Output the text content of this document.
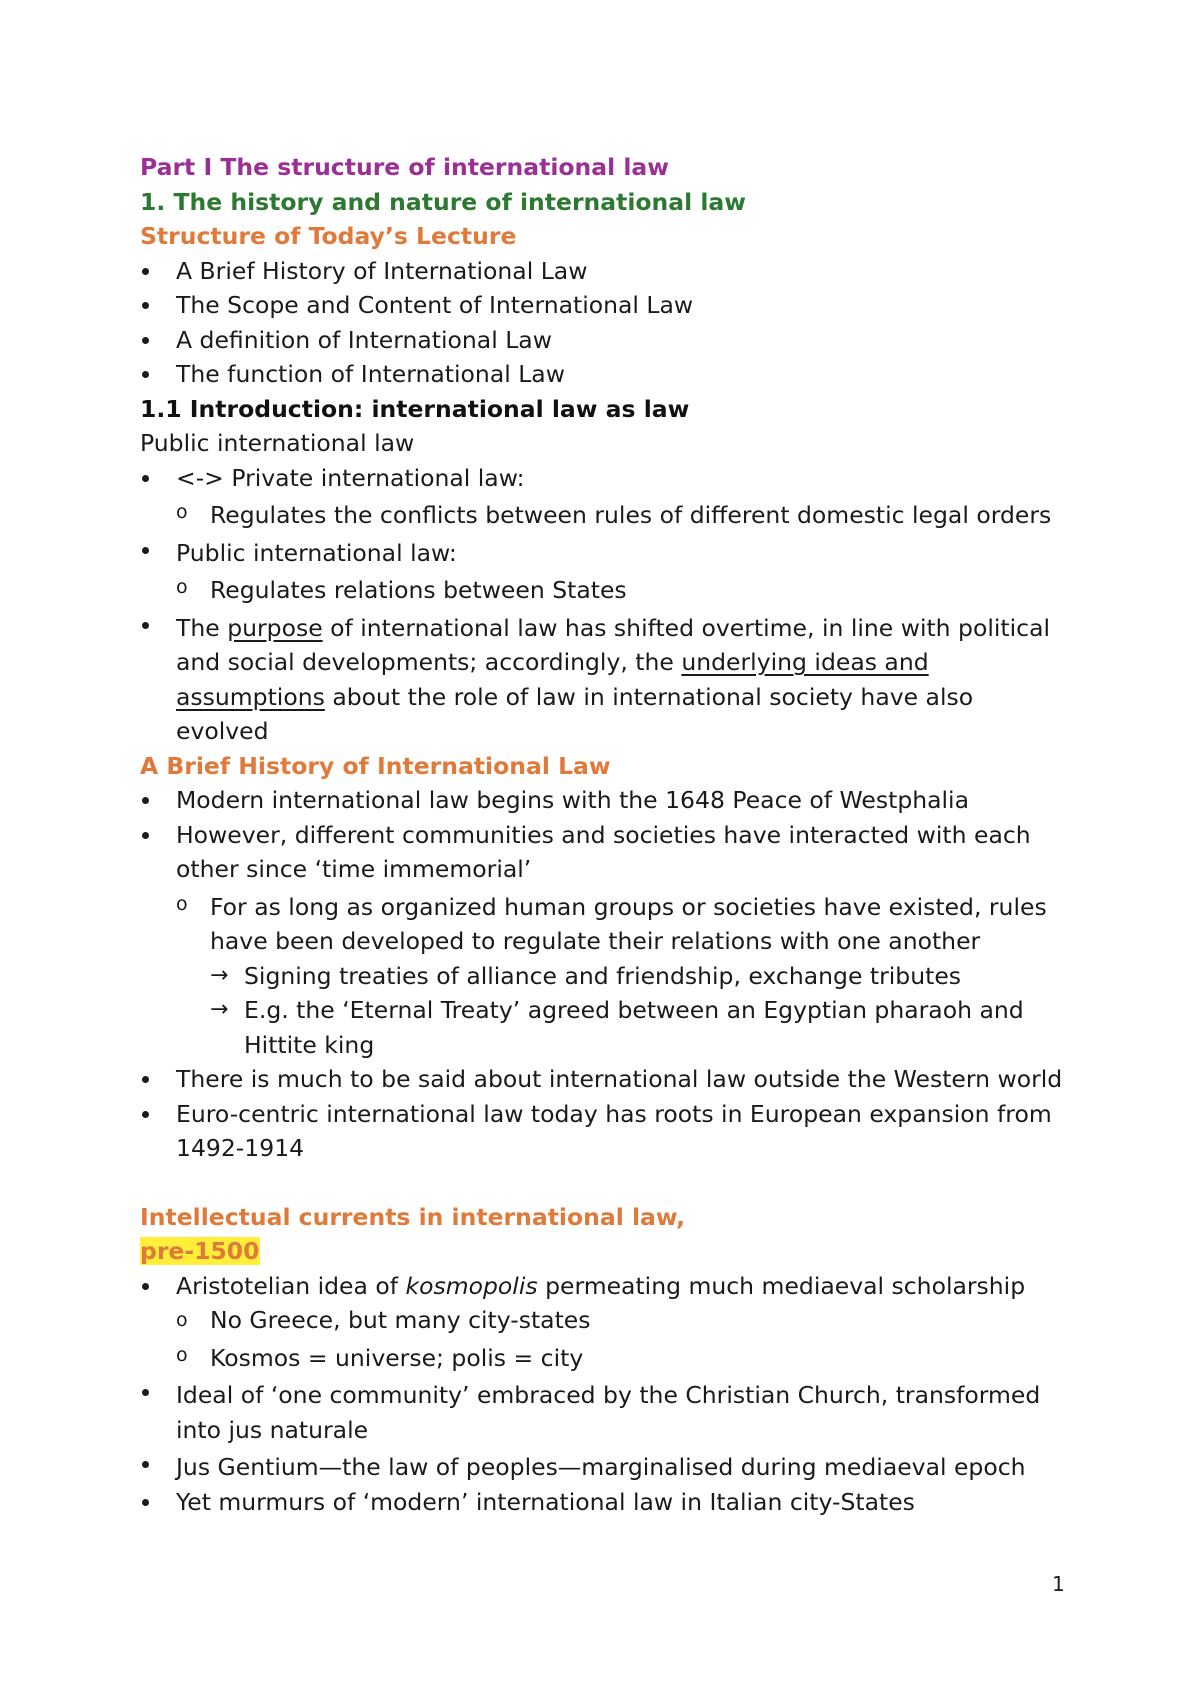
Part I The structure of international law
1. The history and nature of international law
Structure of Today’s Lecture
A Brief History of International Law
The Scope and Content of International Law
A definition of International Law
The function of International Law
1.1 Introduction: international law as law
Public international law
<-> Private international law:
o Regulates the conflicts between rules of different domestic legal orders
Public international law:
o Regulates relations between States
The purpose of international law has shifted overtime, in line with political and social developments; accordingly, the underlying ideas and assumptions about the role of law in international society have also evolved
A Brief History of International Law
Modern international law begins with the 1648 Peace of Westphalia
However, different communities and societies have interacted with each other since ‘time immemorial’
o For as long as organized human groups or societies have existed, rules have been developed to regulate their relations with one another
→ Signing treaties of alliance and friendship, exchange tributes
→ E.g. the ‘Eternal Treaty’ agreed between an Egyptian pharaoh and Hittite king
There is much to be said about international law outside the Western world
Euro-centric international law today has roots in European expansion from 1492-1914
Intellectual currents in international law,
pre-1500
Aristotelian idea of kosmopolis permeating much mediaeval scholarship
o No Greece, but many city-states
o Kosmos = universe; polis = city
Ideal of ‘one community’ embraced by the Christian Church, transformed into jus naturale
Jus Gentium—the law of peoples—marginalised during mediaeval epoch
Yet murmurs of ‘modern’ international law in Italian city-States
1
